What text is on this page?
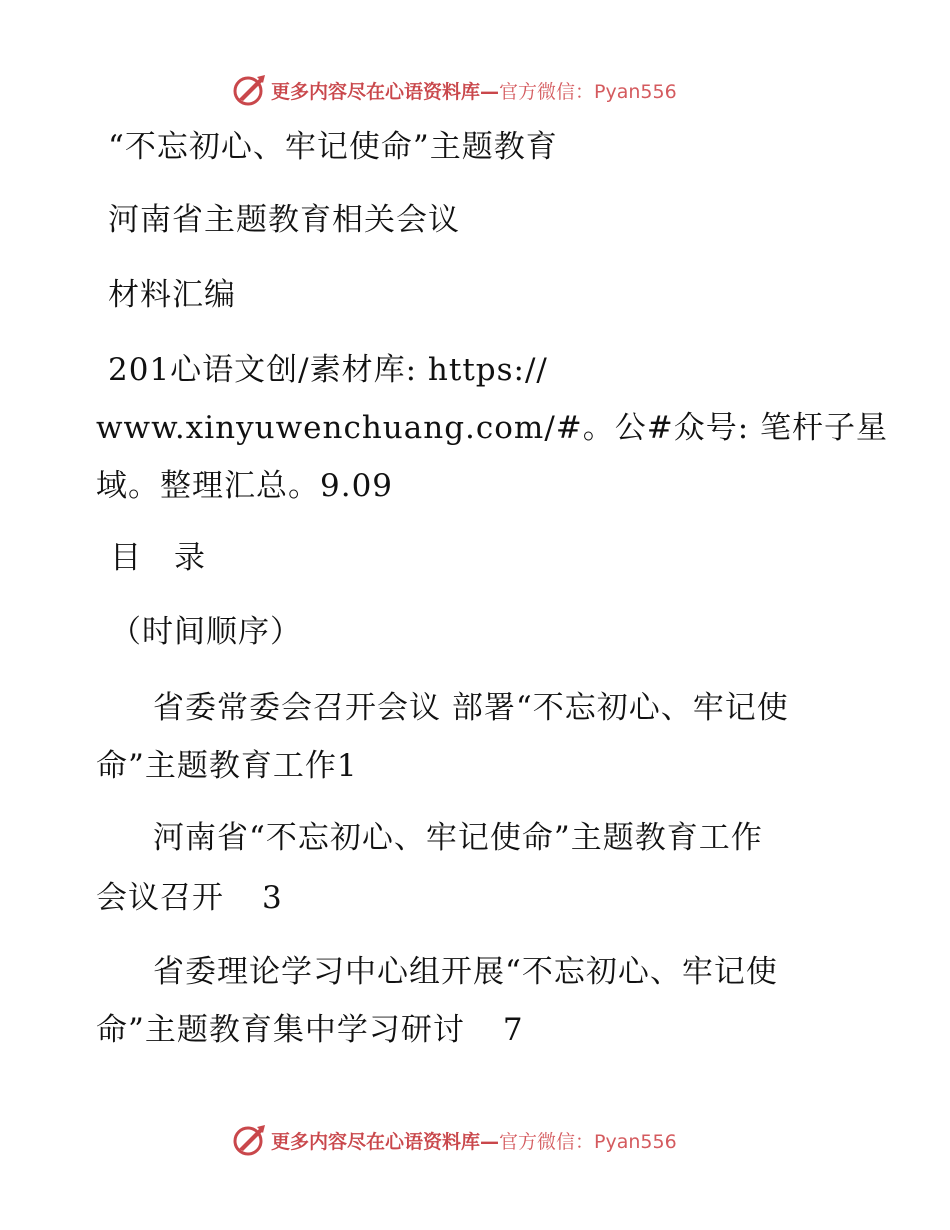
更多内容尽在心语资料库— 官方微信：Pyan556
“不忘初心、牢记使命”主题教育
河南省主题教育相关会议
材料汇编
201心语文创/素材库: https://
www.xinyuwenchuang.com/#。公#众号: 笔杆子星
域。整理汇总。9.09
目　录
（时间顺序）
省委常委会召开会议 部署“不忘初心、牢记使
命”主题教育工作1
河南省“不忘初心、牢记使命”主题教育工作
会议召开 3
省委理论学习中心组开展“不忘初心、牢记使
命”主题教育集中学习研讨 7
更多内容尽在心语资料库— 官方微信：Pyan556
